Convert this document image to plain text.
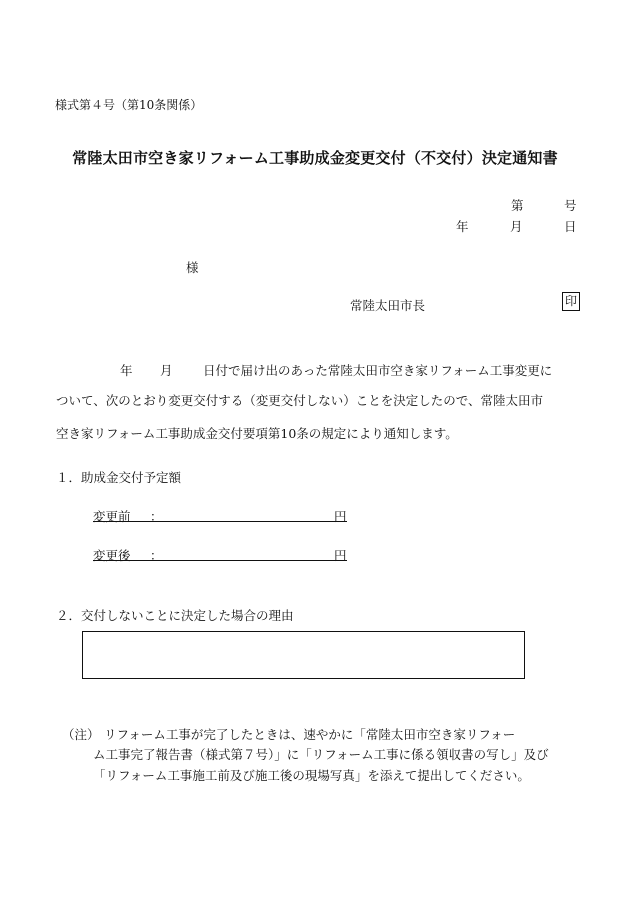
様式第４号（第10条関係）
常陸太田市空き家リフォーム工事助成金変更交付（不交付）決定通知書
第	号
年	月	日
様
常陸太田市長	印
年 月 日付で届け出のあった常陸太田市空き家リフォーム工事変更に
ついて、次のとおり変更交付する（変更交付しない）ことを決定したので、常陸太田市
空き家リフォーム工事助成金交付要項第10条の規定により通知します。
１．助成金交付予定額
変更前 ：	円
変更後 ：	円
２．交付しないことに決定した場合の理由
（注） リフォーム工事が完了したときは、速やかに「常陸太田市空き家リフォー
ム工事完了報告書（様式第７号）」に「リフォーム工事に係る領収書の写し」及び
「リフォーム工事施工前及び施工後の現場写真」を添えて提出してください。
